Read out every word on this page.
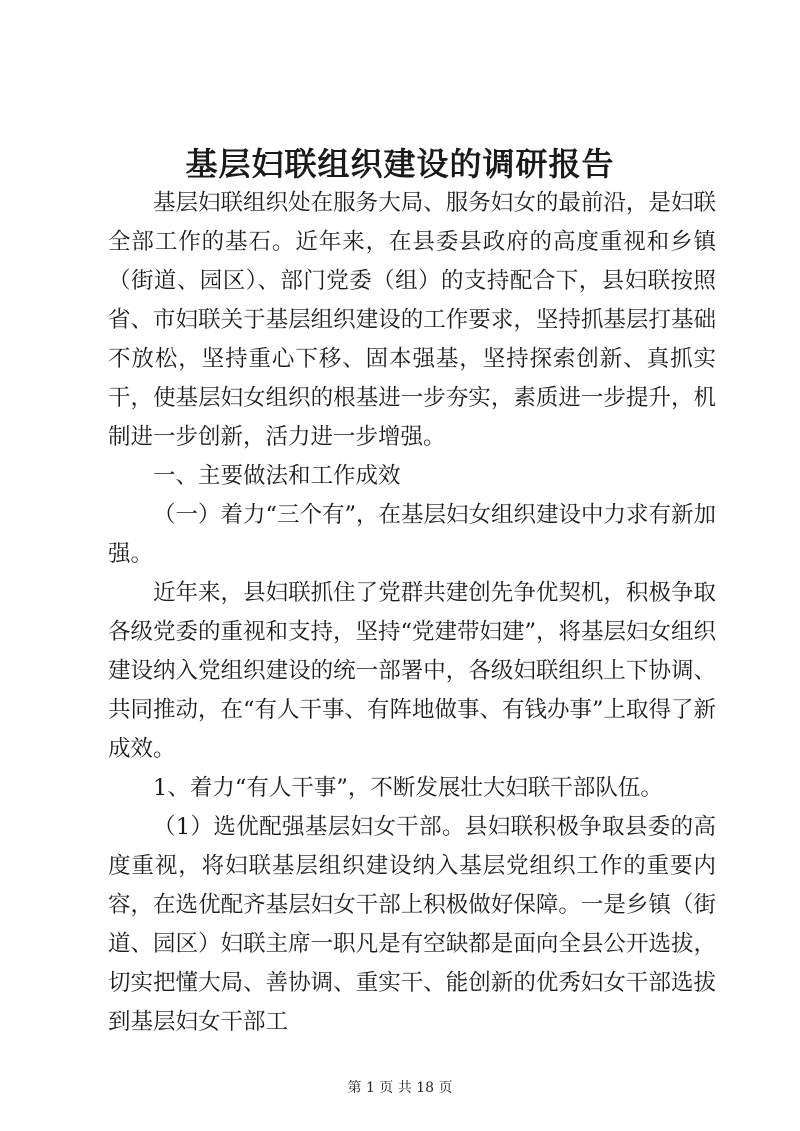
基层妇联组织建设的调研报告

基层妇联组织处在服务大局、服务妇女的最前沿，是妇联全部工作的基石。近年来，在县委县政府的高度重视和乡镇（街道、园区）、部门党委（组）的支持配合下，县妇联按照省、市妇联关于基层组织建设的工作要求，坚持抓基层打基础不放松，坚持重心下移、固本强基，坚持探索创新、真抓实干，使基层妇女组织的根基进一步夯实，素质进一步提升，机制进一步创新，活力进一步增强。

一、主要做法和工作成效

（一）着力“三个有”，在基层妇女组织建设中力求有新加强。

近年来，县妇联抓住了党群共建创先争优契机，积极争取各级党委的重视和支持，坚持“党建带妇建”，将基层妇女组织建设纳入党组织建设的统一部署中，各级妇联组织上下协调、共同推动，在“有人干事、有阵地做事、有钱办事”上取得了新成效。

1、着力“有人干事”，不断发展壮大妇联干部队伍。

（1）选优配强基层妇女干部。县妇联积极争取县委的高度重视，将妇联基层组织建设纳入基层党组织工作的重要内容，在选优配齐基层妇女干部上积极做好保障。一是乡镇（街道、园区）妇联主席一职凡是有空缺都是面向全县公开选拔，切实把懂大局、善协调、重实干、能创新的优秀妇女干部选拔到基层妇女干部工

第 1 页 共 18 页
